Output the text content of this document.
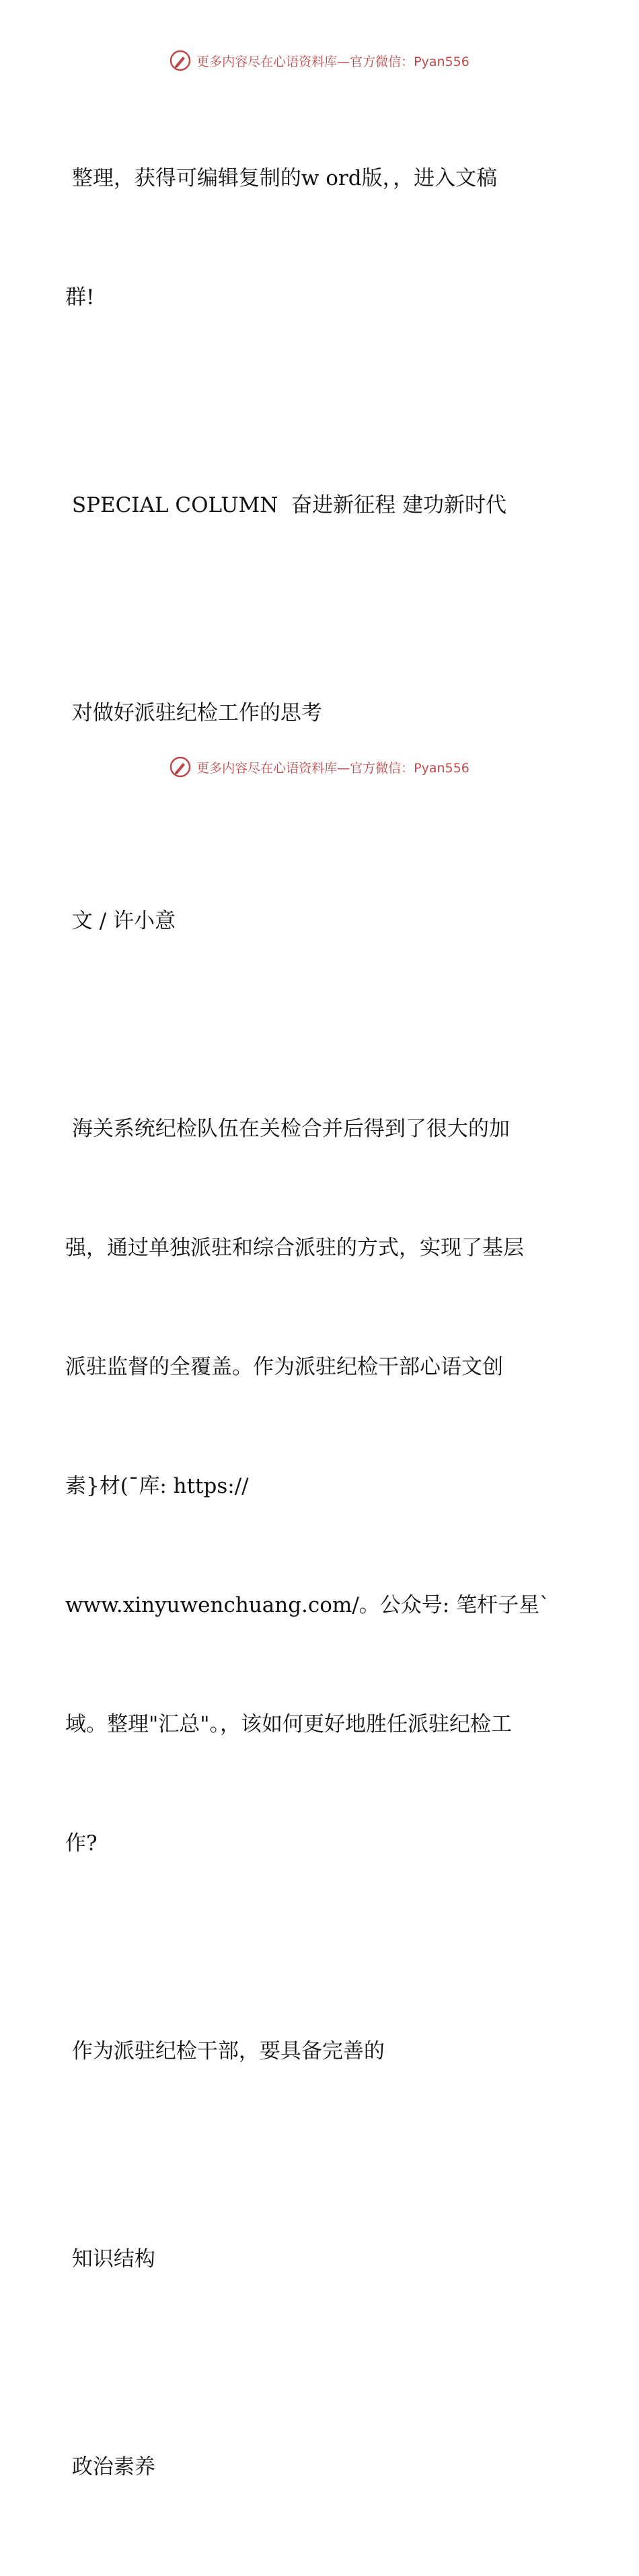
更多内容尽在心语资料库—官方微信：Pyan556

整理，获得可编辑复制的w ord版，，进入文稿

群!

SPECIAL COLUMN  奋进新征程 建功新时代

对做好派驻纪检工作的思考

文 / 许小意

海关系统纪检队伍在关检合并后得到了很大的加

强，通过单独派驻和综合派驻的方式，实现了基层

派驻监督的全覆盖。作为派驻纪检干部心语文创

素}材(¯库: https://

www.xinyuwenchuang.com/。公众号: 笔杆子星`

域。整理"汇总"。，该如何更好地胜任派驻纪检工

作?

作为派驻纪检干部，要具备完善的

知识结构

政治素养

更多内容尽在心语资料库—官方微信：Pyan556
